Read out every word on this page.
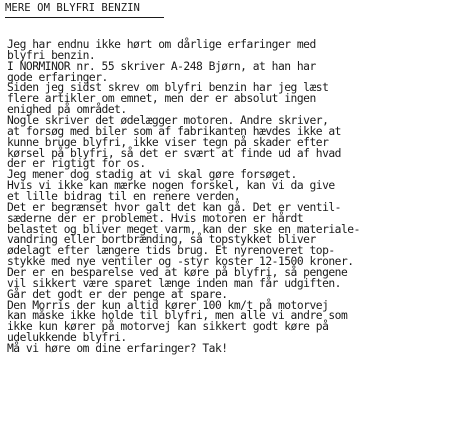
MERE OM BLYFRI BENZIN
Jeg har endnu ikke hørt om dårlige erfaringer med
blyfri benzin.
I NORMINOR nr. 55 skriver A-248 Bjørn, at han har
gode erfaringer.
Siden jeg sidst skrev om blyfri benzin har jeg læst
flere artikler om emnet, men der er absolut ingen
enighed på området.
Nogle skriver det ødelægger motoren. Andre skriver,
at forsøg med biler som af fabrikanten hævdes ikke at
kunne bruge blyfri, ikke viser tegn på skader efter
kørsel på blyfri, så det er svært at finde ud af hvad
der er rigtigt for os.
Jeg mener dog stadig at vi skal gøre forsøget.
Hvis vi ikke kan mærke nogen forskel, kan vi da give
et lille bidrag til en renere verden.
Det er begrænset hvor galt det kan gå. Det er ventil-
sæderne der er problemet. Hvis motoren er hårdt
belastet og bliver meget varm, kan der ske en materiale-
vandring eller bortbrænding, så topstykket bliver
ødelagt efter længere tids brug. Et nyrenoveret top-
stykke med nye ventiler og -styr koster 12-1500 kroner.
Der er en besparelse ved at køre på blyfri, så pengene
vil sikkert være sparet længe inden man får udgiften.
Går det godt er der penge at spare.
Den Morris der kun altid kører 100 km/t på motorvej
kan måske ikke holde til blyfri, men alle vi andre som
ikke kun kører på motorvej kan sikkert godt køre på
udelukkende blyfri.
Må vi høre om dine erfaringer? Tak!
